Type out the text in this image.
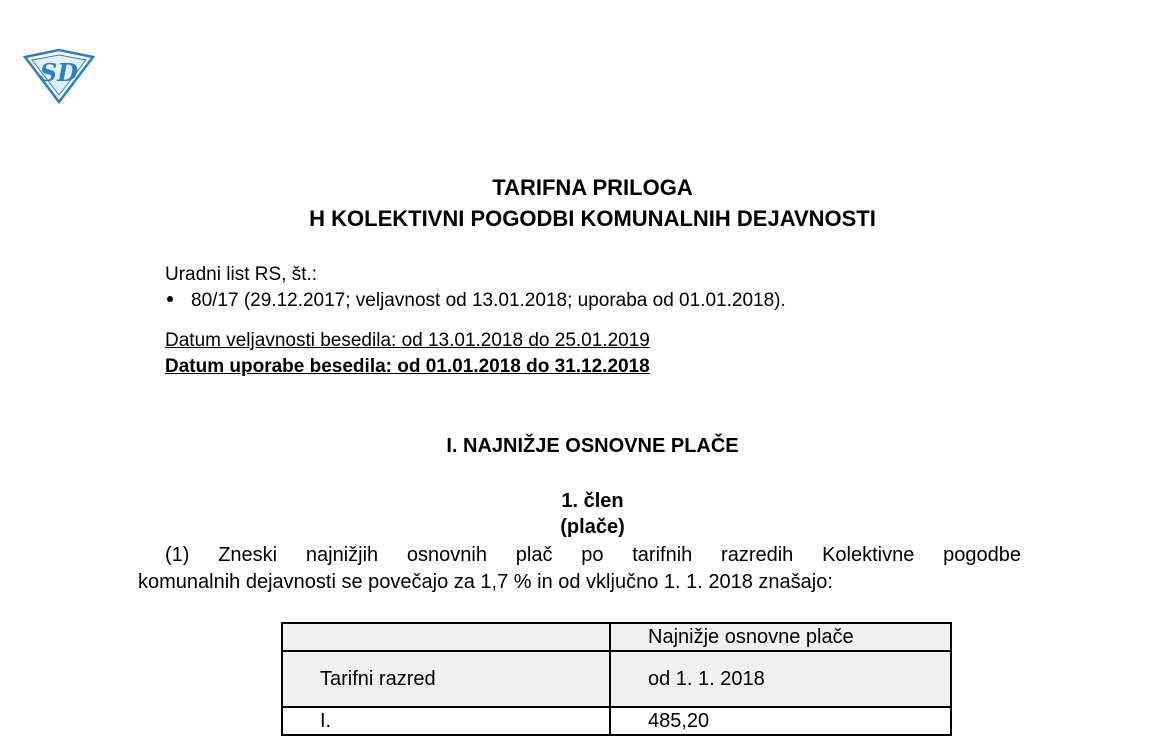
SD
TARIFNA PRILOGA
H KOLEKTIVNI POGODBI KOMUNALNIH DEJAVNOSTI
Uradni list RS, št.:
80/17 (29.12.2017; veljavnost od 13.01.2018; uporaba od 01.01.2018).
Datum veljavnosti besedila: od 13.01.2018 do 25.01.2019
Datum uporabe besedila: od 01.01.2018 do 31.12.2018
I. NAJNIŽJE OSNOVNE PLAČE
1. člen
(plače)
(1) Zneski najnižjih osnovnih plač po tarifnih razredih Kolektivne pogodbe
komunalnih dejavnosti se povečajo za 1,7 % in od vključno 1. 1. 2018 znašajo:
	Najnižje osnovne plače
Tarifni razred	od 1. 1. 2018
I.	485,20
